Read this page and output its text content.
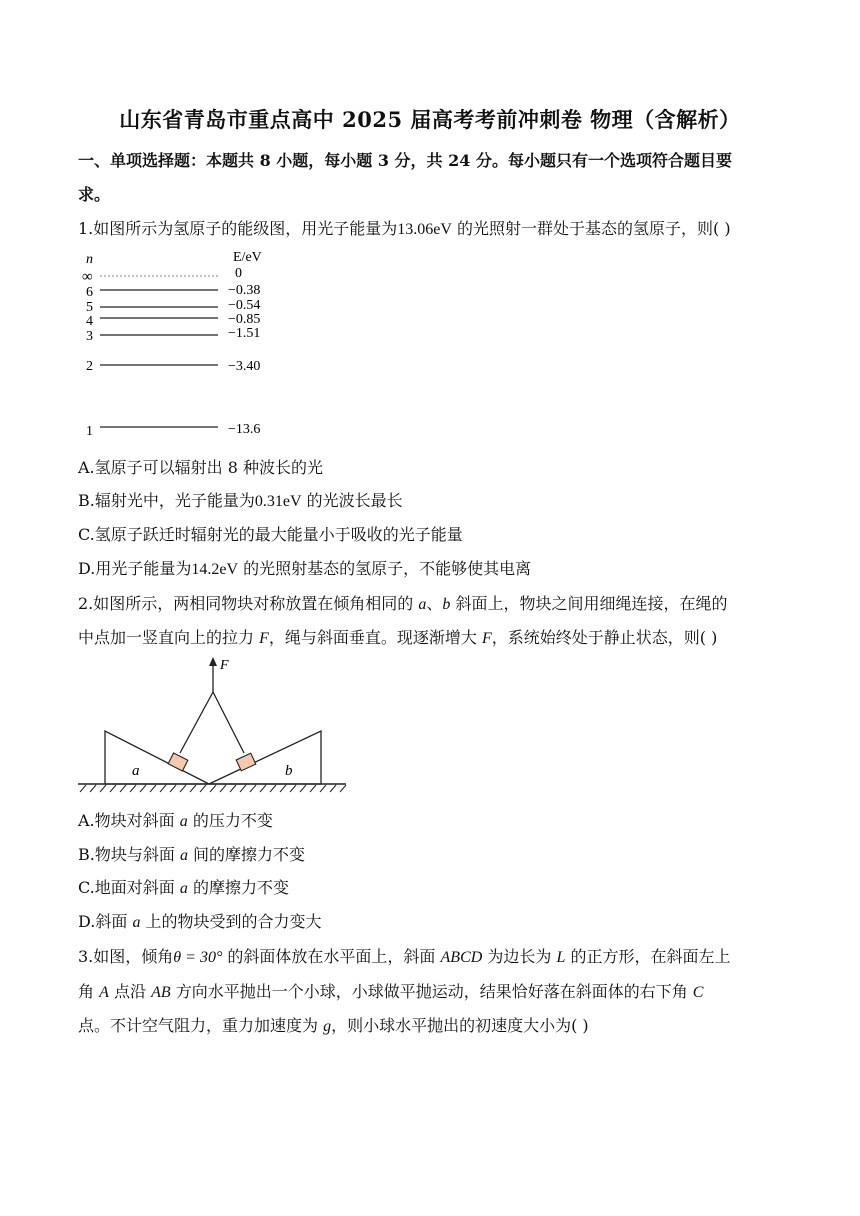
山东省青岛市重点高中 2025 届高考考前冲刺卷 物理（含解析）
一、单项选择题：本题共 8 小题，每小题 3 分，共 24 分。每小题只有一个选项符合题目要
求。
1.如图所示为氢原子的能级图，用光子能量为13.06eV 的光照射一群处于基态的氢原子，则( )
n	E/eV
∞	0
6	−0.38
5	−0.54
4	−0.85
3	−1.51
2	−3.40
1	−13.6
A.氢原子可以辐射出 8 种波长的光
B.辐射光中，光子能量为0.31eV 的光波长最长
C.氢原子跃迁时辐射光的最大能量小于吸收的光子能量
D.用光子能量为14.2eV 的光照射基态的氢原子，不能够使其电离
2.如图所示，两相同物块对称放置在倾角相同的 a、b 斜面上，物块之间用细绳连接，在绳的
中点加一竖直向上的拉力 F，绳与斜面垂直。现逐渐增大 F，系统始终处于静止状态，则( )
F
a	b
A.物块对斜面 a 的压力不变
B.物块与斜面 a 间的摩擦力不变
C.地面对斜面 a 的摩擦力不变
D.斜面 a 上的物块受到的合力变大
3.如图，倾角θ = 30° 的斜面体放在水平面上，斜面 ABCD 为边长为 L 的正方形，在斜面左上
角 A 点沿 AB 方向水平抛出一个小球，小球做平抛运动，结果恰好落在斜面体的右下角 C
点。不计空气阻力，重力加速度为 g，则小球水平抛出的初速度大小为( )
